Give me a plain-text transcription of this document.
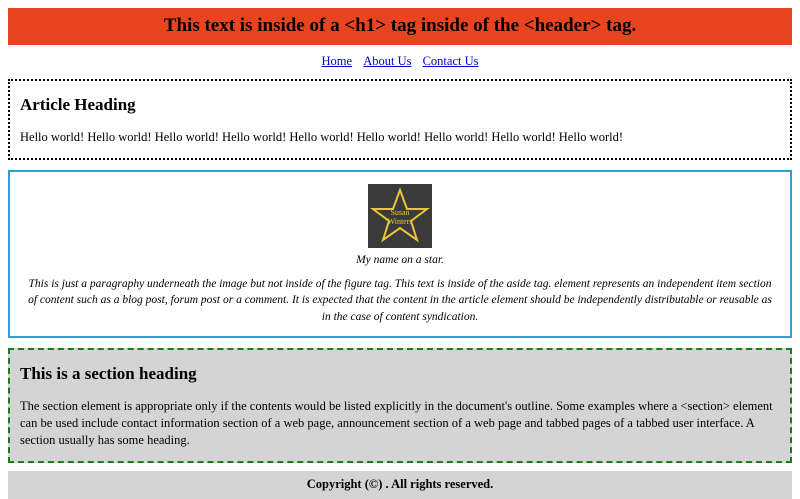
This text is inside of a <h1> tag inside of the <header> tag.
Home About Us Contact Us
Article Heading

Hello world! Hello world! Hello world! Hello world! Hello world! Hello world! Hello world! Hello world! Hello world!

Susan
Winters
My name on a star.

This is just a paragraphy underneath the image but not inside of the figure tag. This text is inside of the aside tag. element represents an independent item section of content such as a blog post, forum post or a comment. It is expected that the content in the article element should be independently distributable or reusable as in the case of content syndication.

This is a section heading

The section element is appropriate only if the contents would be listed explicitly in the document's outline. Some examples where a <section> element can be used include contact information section of a web page, announcement section of a web page and tabbed pages of a tabbed user interface. A section usually has some heading.

Copyright (©) . All rights reserved.
